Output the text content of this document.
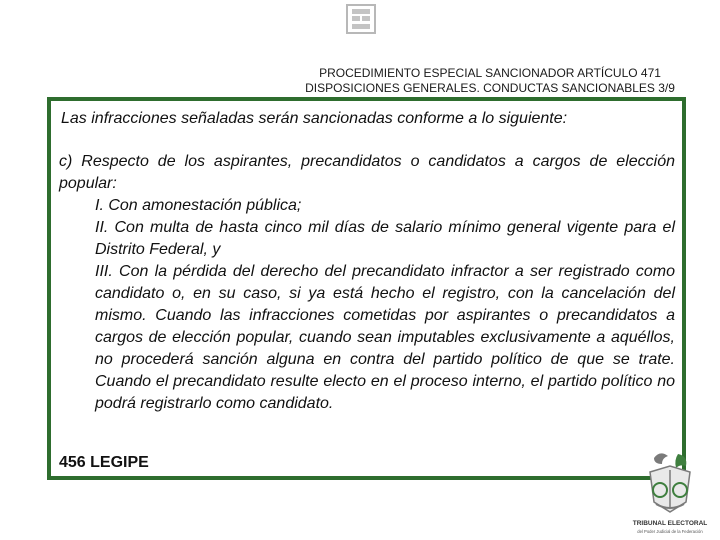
PROCEDIMIENTO ESPECIAL SANCIONADOR ARTÍCULO 471
DISPOSICIONES GENERALES. CONDUCTAS SANCIONABLES 3/9
Las infracciones señaladas serán sancionadas conforme a lo siguiente:
c) Respecto de los aspirantes, precandidatos o candidatos a cargos de elección popular:
I. Con amonestación pública;
II. Con multa de hasta cinco mil días de salario mínimo general vigente para el Distrito Federal, y
III. Con la pérdida del derecho del precandidato infractor a ser registrado como candidato o, en su caso, si ya está hecho el registro, con la cancelación del mismo. Cuando las infracciones cometidas por aspirantes o precandidatos a cargos de elección popular, cuando sean imputables exclusivamente a aquéllos, no procederá sanción alguna en contra del partido político de que se trate. Cuando el precandidato resulte electo en el proceso interno, el partido político no podrá registrarlo como candidato.
456 LEGIPE
TRIBUNAL ELECTORAL
del Poder Judicial de la Federación
